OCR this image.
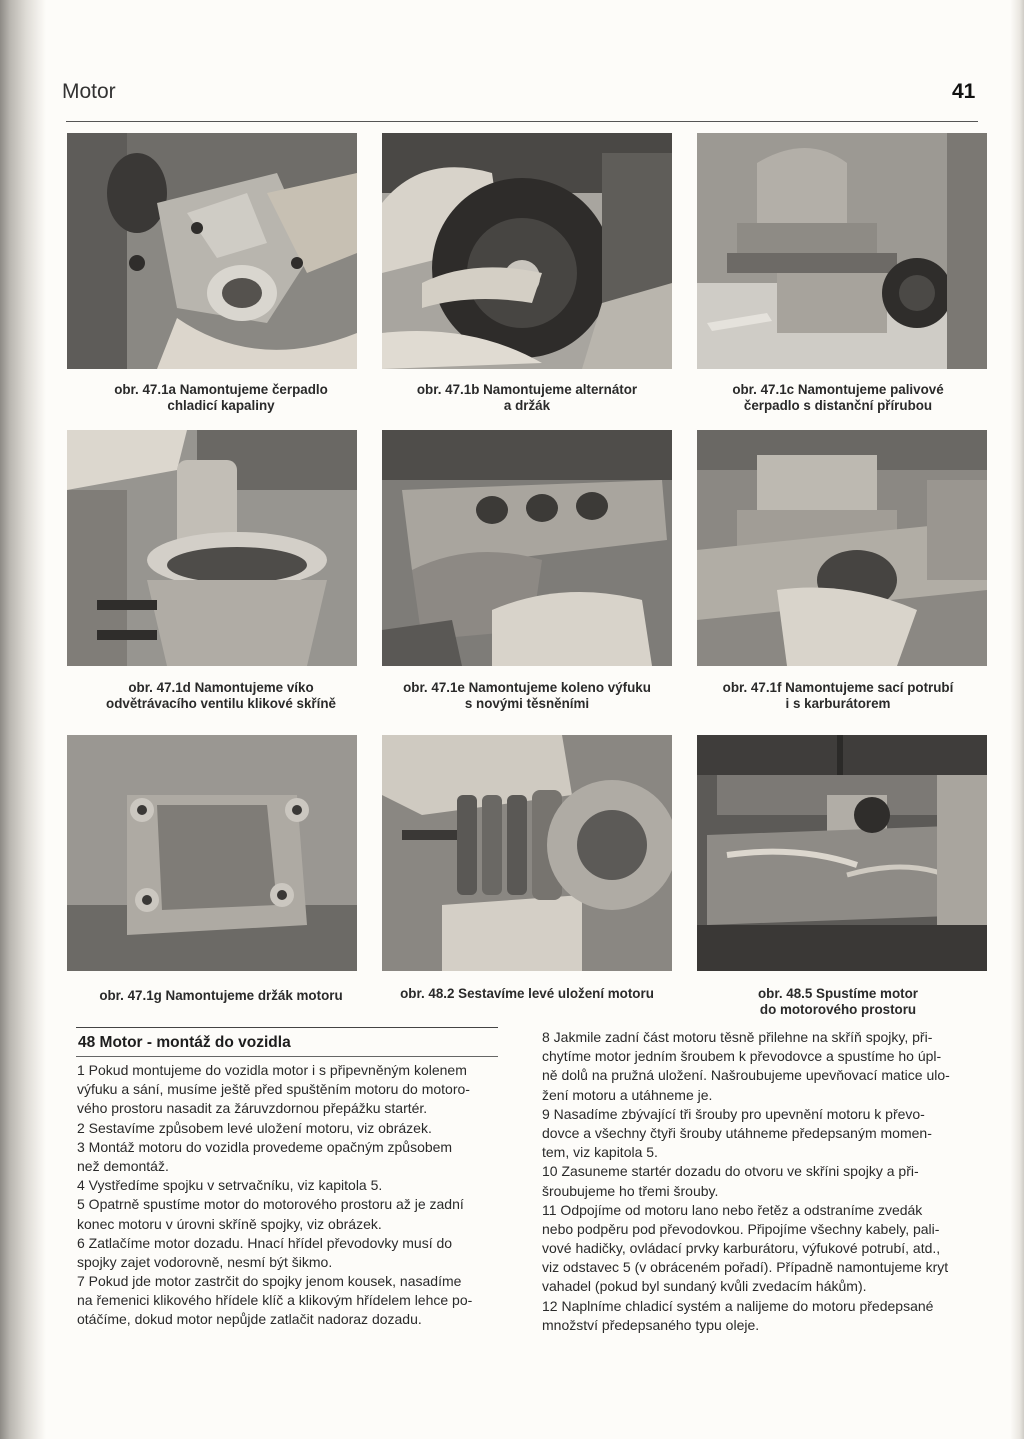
Motor	41
obr. 47.1a Namontujeme čerpadlo
chladicí kapaliny
obr. 47.1b Namontujeme alternátor
a držák
obr. 47.1c Namontujeme palivové
čerpadlo s distanční přírubou
obr. 47.1d Namontujeme víko
odvětrávacího ventilu klikové skříně
obr. 47.1e Namontujeme koleno výfuku
s novými těsněními
obr. 47.1f Namontujeme sací potrubí
i s karburátorem
obr. 47.1g Namontujeme držák motoru	obr. 48.2 Sestavíme levé uložení motoru	obr. 48.5 Spustíme motor
do motorového prostoru
48 Motor - montáž do vozidla
1 Pokud montujeme do vozidla motor i s připevněným kolenem
výfuku a sání, musíme ještě před spuštěním motoru do motoro-
vého prostoru nasadit za žáruvzdornou přepážku startér.
2 Sestavíme způsobem levé uložení motoru, viz obrázek.
3 Montáž motoru do vozidla provedeme opačným způsobem
než demontáž.
4 Vystředíme spojku v setrvačníku, viz kapitola 5.
5 Opatrně spustíme motor do motorového prostoru až je zadní
konec motoru v úrovni skříně spojky, viz obrázek.
6 Zatlačíme motor dozadu. Hnací hřídel převodovky musí do
spojky zajet vodorovně, nesmí být šikmo.
7 Pokud jde motor zastrčit do spojky jenom kousek, nasadíme
na řemenici klikového hřídele klíč a klikovým hřídelem lehce po-
otáčíme, dokud motor nepůjde zatlačit nadoraz dozadu.
8 Jakmile zadní část motoru těsně přilehne na skříň spojky, při-
chytíme motor jedním šroubem k převodovce a spustíme ho úpl-
ně dolů na pružná uložení. Našroubujeme upevňovací matice ulo-
žení motoru a utáhneme je.
9 Nasadíme zbývající tři šrouby pro upevnění motoru k převo-
dovce a všechny čtyři šrouby utáhneme předepsaným momen-
tem, viz kapitola 5.
10 Zasuneme startér dozadu do otvoru ve skříni spojky a při-
šroubujeme ho třemi šrouby.
11 Odpojíme od motoru lano nebo řetěz a odstraníme zvedák
nebo podpěru pod převodovkou. Připojíme všechny kabely, pali-
vové hadičky, ovládací prvky karburátoru, výfukové potrubí, atd.,
viz odstavec 5 (v obráceném pořadí). Případně namontujeme kryt
vahadel (pokud byl sundaný kvůli zvedacím hákům).
12 Naplníme chladicí systém a nalijeme do motoru předepsané
množství předepsaného typu oleje.
